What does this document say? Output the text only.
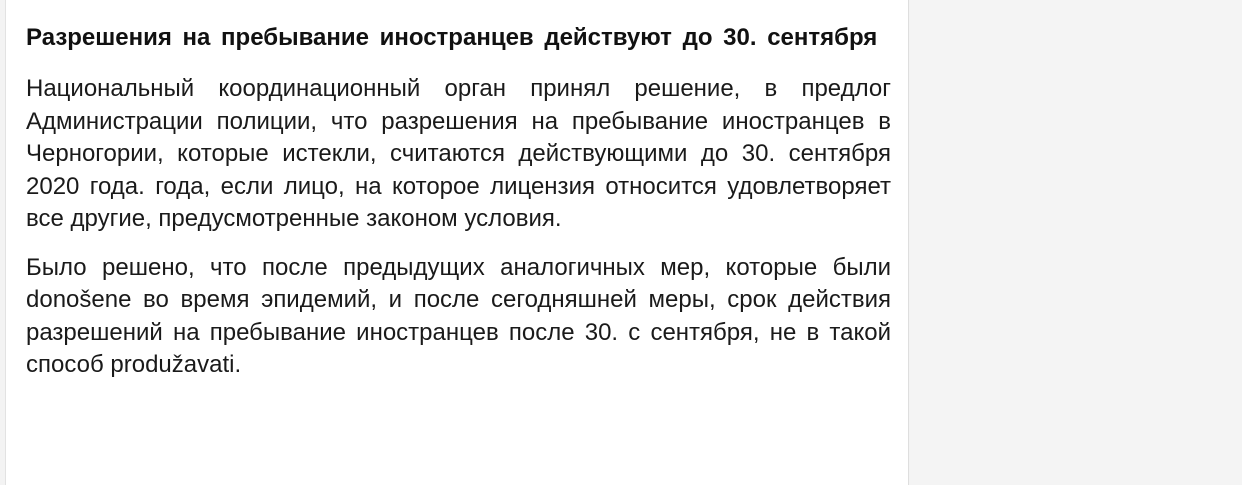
Разрешения на пребывание иностранцев действуют до 30. сентября

Национальный координационный орган принял решение, в предлог Администрации полиции, что разрешения на пребывание иностранцев в Черногории, которые истекли, считаются действующими до 30. сентября 2020 года. года, если лицо, на которое лицензия относится удовлетворяет все другие, предусмотренные законом условия.

Было решено, что после предыдущих аналогичных мер, которые были donošene во время эпидемий, и после сегодняшней меры, срок действия разрешений на пребывание иностранцев после 30. с сентября, не в такой способ produžavati.
